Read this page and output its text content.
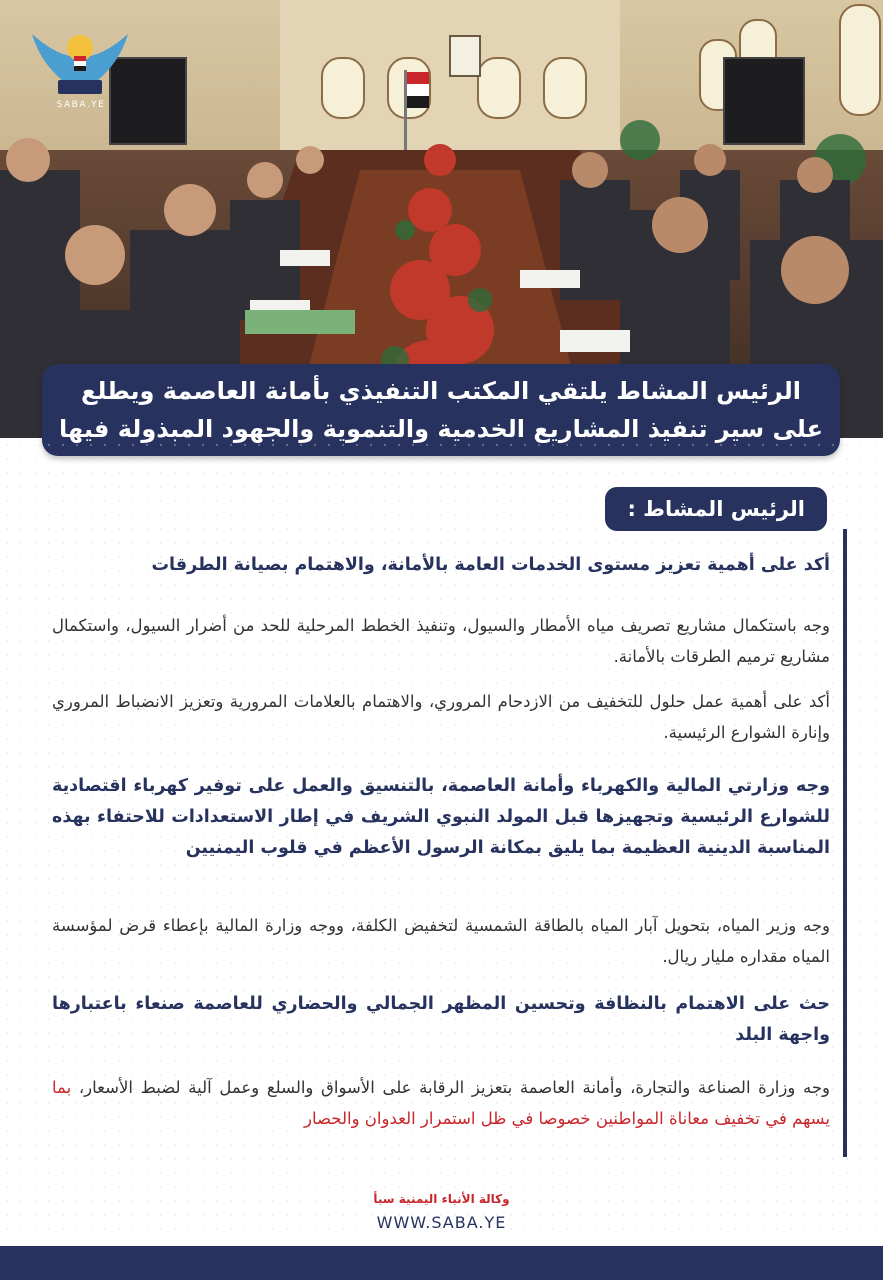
SABA.YE
الرئيس المشاط يلتقي المكتب التنفيذي بأمانة العاصمة ويطلع على سير تنفيذ المشاريع الخدمية والتنموية والجهود المبذولة فيها
الرئيس المشاط :

أكد على أهمية تعزيز مستوى الخدمات العامة بالأمانة، والاهتمام بصيانة الطرقات

وجه باستكمال مشاريع تصريف مياه الأمطار والسيول، وتنفيذ الخطط المرحلية للحد من أضرار السيول، واستكمال مشاريع ترميم الطرقات بالأمانة.

أكد على أهمية عمل حلول للتخفيف من الازدحام المروري، والاهتمام بالعلامات المرورية وتعزيز الانضباط المروري وإنارة الشوارع الرئيسية.

وجه وزارتي المالية والكهرباء وأمانة العاصمة، بالتنسيق والعمل على توفير كهرباء اقتصادية للشوارع الرئيسية وتجهيزها قبل المولد النبوي الشريف في إطار الاستعدادات للاحتفاء بهذه المناسبة الدينية العظيمة بما يليق بمكانة الرسول الأعظم في قلوب اليمنيين

وجه وزير المياه، بتحويل آبار المياه بالطاقة الشمسية لتخفيض الكلفة، ووجه وزارة المالية بإعطاء قرض لمؤسسة المياه مقداره مليار ريال.

حث على الاهتمام بالنظافة وتحسين المظهر الجمالي والحضاري للعاصمة صنعاء باعتبارها واجهة البلد

وجه وزارة الصناعة والتجارة، وأمانة العاصمة بتعزيز الرقابة على الأسواق والسلع وعمل آلية لضبط الأسعار، بما يسهم في تخفيف معاناة المواطنين خصوصا في ظل استمرار العدوان والحصار

وكالة الأنباء اليمنية سبأ
WWW.SABA.YE
